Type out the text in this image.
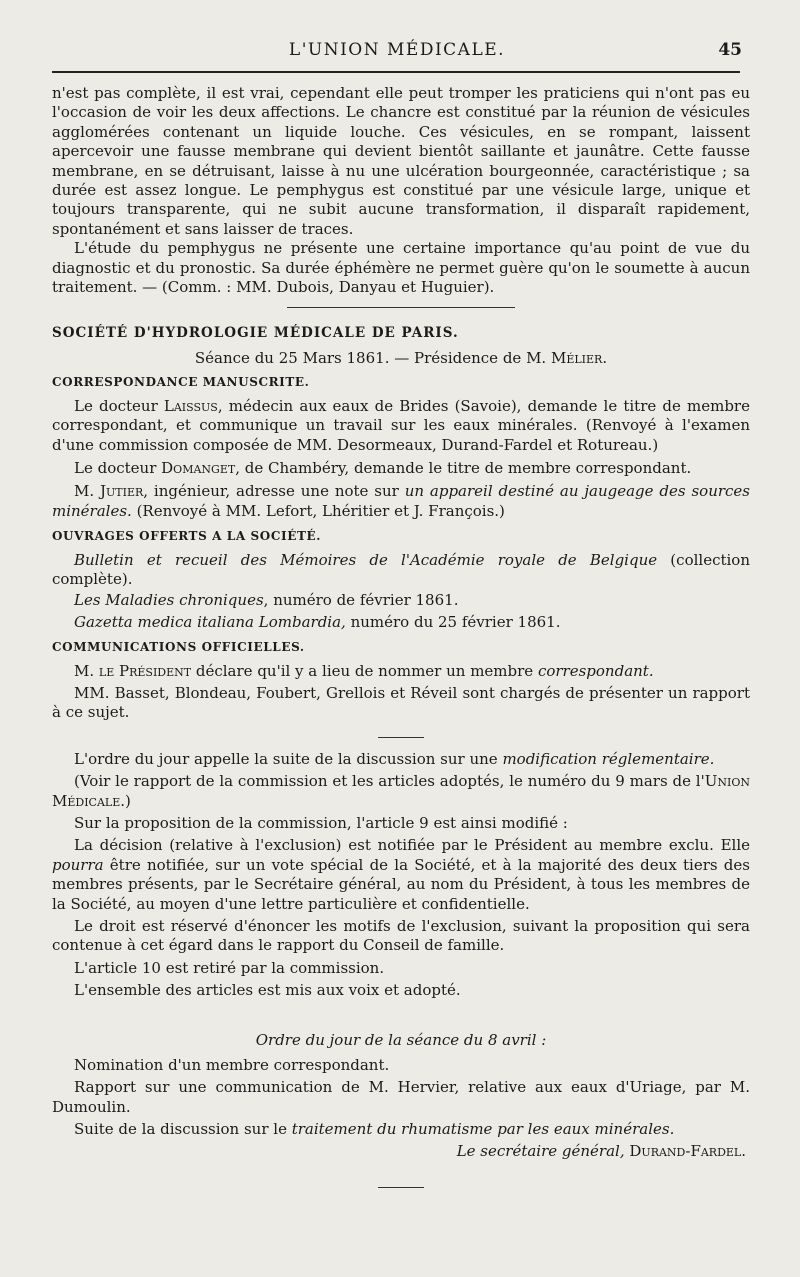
L'UNION MÉDICALE.	45

n'est pas complète, il est vrai, cependant elle peut tromper les praticiens qui n'ont pas eu l'occasion de voir les deux affections. Le chancre est constitué par la réunion de vésicules agglomérées contenant un liquide louche. Ces vésicules, en se rompant, laissent apercevoir une fausse membrane qui devient bientôt saillante et jaunâtre. Cette fausse membrane, en se détruisant, laisse à nu une ulcération bourgeonnée, caractéristique ; sa durée est assez longue. Le pemphygus est constitué par une vésicule large, unique et toujours transparente, qui ne subit aucune transformation, il disparaît rapidement, spontanément et sans laisser de traces.

L'étude du pemphygus ne présente une certaine importance qu'au point de vue du diagnostic et du pronostic. Sa durée éphémère ne permet guère qu'on le soumette à aucun traitement. — (Comm. : MM. Dubois, Danyau et Huguier).

SOCIÉTÉ D'HYDROLOGIE MÉDICALE DE PARIS.

Séance du 25 Mars 1861. — Présidence de M. Mélier.

CORRESPONDANCE MANUSCRITE.

Le docteur Laissus, médecin aux eaux de Brides (Savoie), demande le titre de membre correspondant, et communique un travail sur les eaux minérales. (Renvoyé à l'examen d'une commission composée de MM. Desormeaux, Durand-Fardel et Rotureau.)

Le docteur Domanget, de Chambéry, demande le titre de membre correspondant.

M. Jutier, ingénieur, adresse une note sur un appareil destiné au jaugeage des sources minérales. (Renvoyé à MM. Lefort, Lhéritier et J. François.)

OUVRAGES OFFERTS A LA SOCIÉTÉ.

Bulletin et recueil des Mémoires de l'Académie royale de Belgique (collection complète).

Les Maladies chroniques, numéro de février 1861.

Gazetta medica italiana Lombardia, numéro du 25 février 1861.

COMMUNICATIONS OFFICIELLES.

M. le Président déclare qu'il y a lieu de nommer un membre correspondant.

MM. Basset, Blondeau, Foubert, Grellois et Réveil sont chargés de présenter un rapport à ce sujet.

L'ordre du jour appelle la suite de la discussion sur une modification réglementaire.

(Voir le rapport de la commission et les articles adoptés, le numéro du 9 mars de l'Union Médicale.)

Sur la proposition de la commission, l'article 9 est ainsi modifié :

La décision (relative à l'exclusion) est notifiée par le Président au membre exclu. Elle pourra être notifiée, sur un vote spécial de la Société, et à la majorité des deux tiers des membres présents, par le Secrétaire général, au nom du Président, à tous les membres de la Société, au moyen d'une lettre particulière et confidentielle.

Le droit est réservé d'énoncer les motifs de l'exclusion, suivant la proposition qui sera contenue à cet égard dans le rapport du Conseil de famille.

L'article 10 est retiré par la commission.

L'ensemble des articles est mis aux voix et adopté.

Ordre du jour de la séance du 8 avril :

Nomination d'un membre correspondant.

Rapport sur une communication de M. Hervier, relative aux eaux d'Uriage, par M. Dumoulin.

Suite de la discussion sur le traitement du rhumatisme par les eaux minérales.

Le secrétaire général, Durand-Fardel.
